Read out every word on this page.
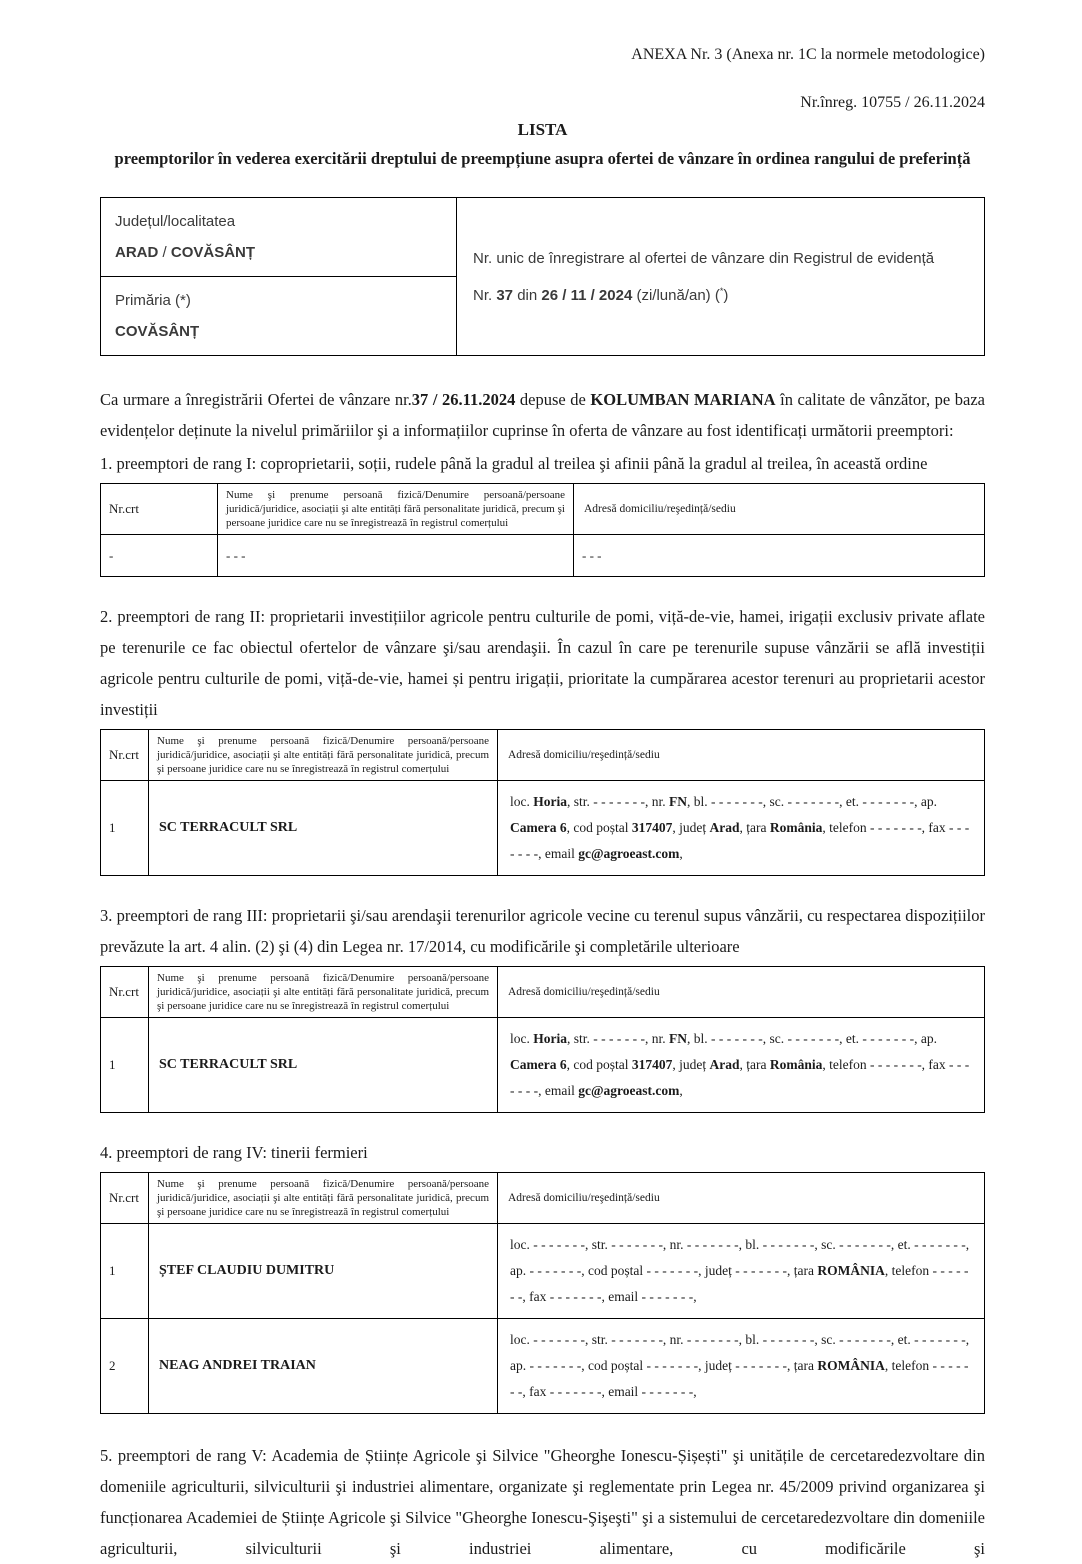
ANEXA Nr. 3 (Anexa nr. 1C la normele metodologice)
Nr.înreg. 10755 / 26.11.2024
LISTA
preemptorilor în vederea exercitării dreptului de preempțiune asupra ofertei de vânzare în ordinea rangului de preferință
Județul/localitatea
ARAD / COVĂSÂNȚ	Nr. unic de înregistrare al ofertei de vânzare din Registrul de evidență
Nr. 37 din 26 / 11 / 2024 (zi/lună/an) (*)

Primăria (*)
COVĂSÂNȚ

Ca urmare a înregistrării Ofertei de vânzare nr.37 / 26.11.2024 depuse de KOLUMBAN MARIANA în calitate de vânzător, pe baza evidențelor deținute la nivelul primăriilor şi a informațiilor cuprinse în oferta de vânzare au fost identificați următorii preemptori:

1. preemptori de rang I: coproprietarii, soții, rudele până la gradul al treilea şi afinii până la gradul al treilea, în această ordine

Nr.crt	Nume şi prenume persoană fizică/Denumire persoană/persoane juridică/juridice, asociații şi alte entități fără personalitate juridică, precum şi persoane juridice care nu se înregistrează în registrul comerțului	Adresă domiciliu/reşedință/sediu
-	- - -	- - -

2. preemptori de rang II: proprietarii investițiilor agricole pentru culturile de pomi, viță-de-vie, hamei, irigații exclusiv private aflate pe terenurile ce fac obiectul ofertelor de vânzare şi/sau arendaşii. În cazul în care pe terenurile supuse vânzării se află investiții agricole pentru culturile de pomi, viță-de-vie, hamei și pentru irigații, prioritate la cumpărarea acestor terenuri au proprietarii acestor investiții

Nr.crt	Nume şi prenume persoană fizică/Denumire persoană/persoane juridică/juridice, asociații şi alte entități fără personalitate juridică, precum şi persoane juridice care nu se înregistrează în registrul comerțului	Adresă domiciliu/reşedință/sediu
1	SC TERRACULT SRL	loc. Horia, str. - - - - - - -, nr. FN, bl. - - - - - - -, sc. - - - - - - -, et. - - - - - - -, ap. Camera 6, cod poștal 317407, județ Arad, țara România, telefon - - - - - - -, fax - - - - - - -, email gc@agroeast.com,

3. preemptori de rang III: proprietarii şi/sau arendaşii terenurilor agricole vecine cu terenul supus vânzării, cu respectarea dispozițiilor prevăzute la art. 4 alin. (2) şi (4) din Legea nr. 17/2014, cu modificările şi completările ulterioare

Nr.crt	Nume şi prenume persoană fizică/Denumire persoană/persoane juridică/juridice, asociații şi alte entități fără personalitate juridică, precum şi persoane juridice care nu se înregistrează în registrul comerțului	Adresă domiciliu/reşedință/sediu
1	SC TERRACULT SRL	loc. Horia, str. - - - - - - -, nr. FN, bl. - - - - - - -, sc. - - - - - - -, et. - - - - - - -, ap. Camera 6, cod poștal 317407, județ Arad, țara România, telefon - - - - - - -, fax - - - - - - -, email gc@agroeast.com,

4. preemptori de rang IV: tinerii fermieri

Nr.crt	Nume şi prenume persoană fizică/Denumire persoană/persoane juridică/juridice, asociații şi alte entități fără personalitate juridică, precum şi persoane juridice care nu se înregistrează în registrul comerțului	Adresă domiciliu/reşedință/sediu
1	ȘTEF CLAUDIU DUMITRU	loc. - - - - - - -, str. - - - - - - -, nr. - - - - - - -, bl. - - - - - - -, sc. - - - - - - -, et. - - - - - - -, ap. - - - - - - -, cod poștal - - - - - - -, județ - - - - - - -, țara ROMÂNIA, telefon - - - - - - -, fax - - - - - - -, email - - - - - - -,
2	NEAG ANDREI TRAIAN	loc. - - - - - - -, str. - - - - - - -, nr. - - - - - - -, bl. - - - - - - -, sc. - - - - - - -, et. - - - - - - -, ap. - - - - - - -, cod poștal - - - - - - -, județ - - - - - - -, țara ROMÂNIA, telefon - - - - - - -, fax - - - - - - -, email - - - - - - -,

5. preemptori de rang V: Academia de Științe Agricole şi Silvice "Gheorghe Ionescu-Șișești" şi unitățile de cercetaredezvoltare din domeniile agriculturii, silviculturii şi industriei alimentare, organizate şi reglementate prin Legea nr. 45/2009 privind organizarea şi funcționarea Academiei de Științe Agricole şi Silvice "Gheorghe Ionescu-Şişeşti" şi a sistemului de cercetaredezvoltare din domeniile agriculturii, silviculturii şi industriei alimentare, cu modificările şi
